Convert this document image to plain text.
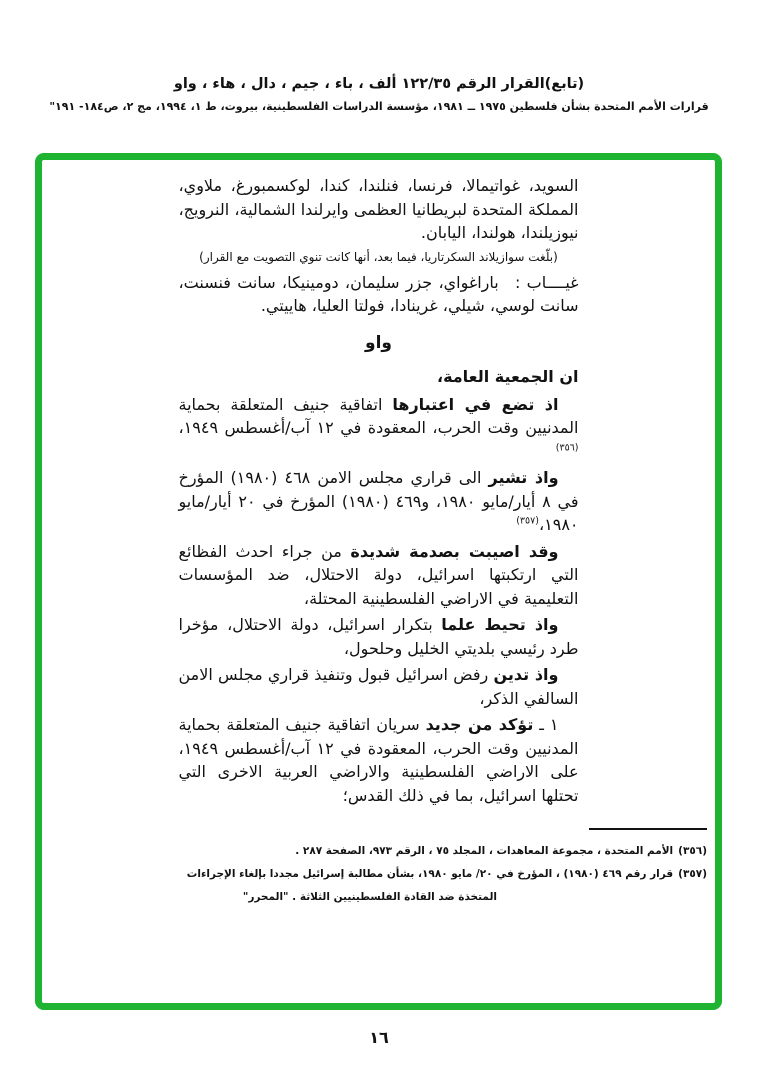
(تابع)القرار الرقم ١٢٢/٣٥ ألف ، باء ، جيم ، دال ، هاء ، واو
قرارات الأمم المتحدة بشأن فلسطين ١٩٧٥ ــ ١٩٨١، مؤسسة الدراسات الفلسطينية، بيروت، ط ١، ١٩٩٤، مج ٢، ص١٨٤- ١٩١"

السويد، غواتيمالا، فرنسا، فنلندا، كندا، لوكسمبورغ، ملاوي، المملكة المتحدة لبريطانيا العظمى وايرلندا الشمالية، النرويج، نيوزيلندا، هولندا، اليابان.

(بلّغت سوازيلاند السكرتاريا، فيما بعد، أنها كانت تنوي التصويت مع القرار)

غيــــاب : باراغواي، جزر سليمان، دومينيكا، سانت فنسنت، سانت لوسي، شيلي، غرينادا، فولتا العليا، هاييتي.

واو

ان الجمعية العامة،

اذ تضع في اعتبارها اتفاقية جنيف المتعلقة بحماية المدنيين وقت الحرب، المعقودة في ١٢ آب/أغسطس ١٩٤٩،$^{(٣٥٦)}$

واذ تشير الى قراري مجلس الامن ٤٦٨ (١٩٨٠) المؤرخ في ٨ أيار/مايو ١٩٨٠، و٤٦٩ (١٩٨٠) المؤرخ في ٢٠ أيار/مايو ١٩٨٠،$^{(٣٥٧)}$

وقد اصيبت بصدمة شديدة من جراء احدث الفظائع التي ارتكبتها اسرائيل، دولة الاحتلال، ضد المؤسسات التعليمية في الاراضي الفلسطينية المحتلة،

واذ تحيط علما بتكرار اسرائيل، دولة الاحتلال، مؤخرا طرد رئيسي بلديتي الخليل وحلحول،

واذ تدين رفض اسرائيل قبول وتنفيذ قراري مجلس الامن السالفي الذكر،

١ ـ تؤكد من جديد سريان اتفاقية جنيف المتعلقة بحماية المدنيين وقت الحرب، المعقودة في ١٢ آب/أغسطس ١٩٤٩، على الاراضي الفلسطينية والاراضي العربية الاخرى التي تحتلها اسرائيل، بما في ذلك القدس؛

(٣٥٦)الأمم المتحدة ، مجموعة المعاهدات ، المجلد ٧٥ ، الرقم ٩٧٣، الصفحة ٢٨٧ .

(٣٥٧)قرار رقم ٤٦٩ (١٩٨٠) ، المؤرخ في ٢٠/ مايو ١٩٨٠، بشأن مطالبة إسرائيل مجددا بإلغاء الإجراءات
المتخذة ضد القادة الفلسطينيين الثلاثة . "المحرر"

١٦
